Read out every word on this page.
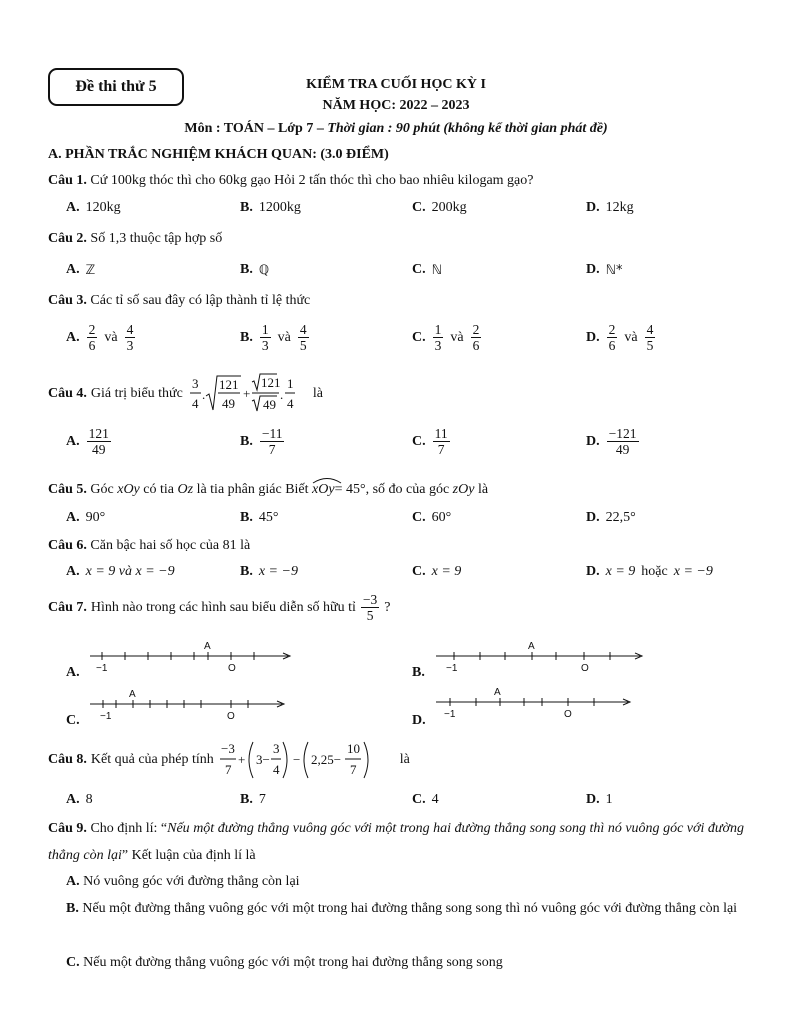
Đề thi thử 5	KIỂM TRA CUỐI HỌC KỲ I
NĂM HỌC: 2022 – 2023
Môn : TOÁN – Lớp 7 – Thời gian : 90 phút (không kể thời gian phát đề)
A. PHẦN TRẮC NGHIỆM KHÁCH QUAN: (3.0 ĐIỂM)
Câu 1. Cứ 100kg thóc thì cho 60kg gạo Hỏi 2 tấn thóc thì cho bao nhiêu kilogam gạo?
A. 120kg	B. 1200kg	C. 200kg	D. 12kg
Câu 2. Số 1,3 thuộc tập hợp số
A. ℤ	B. ℚ	C. ℕ	D. ℕ*
Câu 3. Các tỉ số sau đây có lập thành tỉ lệ thức
A. $\frac{2}{6}$ và $\frac{4}{3}$	B. $\frac{1}{3}$ và $\frac{4}{5}$	C. $\frac{1}{3}$ và $\frac{2}{6}$	D. $\frac{2}{6}$ và $\frac{4}{5}$
Câu 4. Giá trị biểu thức
3
4
.
121
49
+
121
49
.
1
4
là
A. $\frac{121}{49}$	B. $\frac{-11}{7}$	C. $\frac{11}{7}$	D. $\frac{-121}{49}$
Câu 5. Góc xOy có tia Oz là tia phân giác Biết xOy= 45°, số đo của góc zOy là
A. 90°	B. 45°	C. 60°	D. 22,5°
Câu 6. Căn bậc hai số học của 81 là
A. x = 9 và x = −9	B. x = −9	C. x = 9	D. x = 9 hoặc x = −9
Câu 7. Hình nào trong các hình sau biểu diễn số hữu tỉ $\frac{-3}{5}$ ?
A. −1
A
O	B. −1
A
O
C. −1
A
O	D. −1
A
O
Câu 8. Kết quả của phép tính
−3
7
+ 3−
3
4
− 2,25−
10
7
là
A. 8	B. 7	C. 4	D. 1
Câu 9. Cho định lí: “Nếu một đường thẳng vuông góc với một trong hai đường thẳng song song thì nó vuông góc với đường thẳng còn lại” Kết luận của định lí là
A. Nó vuông góc với đường thẳng còn lại
B. Nếu một đường thẳng vuông góc với một trong hai đường thẳng song song thì nó vuông góc với đường thẳng còn lại
C. Nếu một đường thẳng vuông góc với một trong hai đường thẳng song song
